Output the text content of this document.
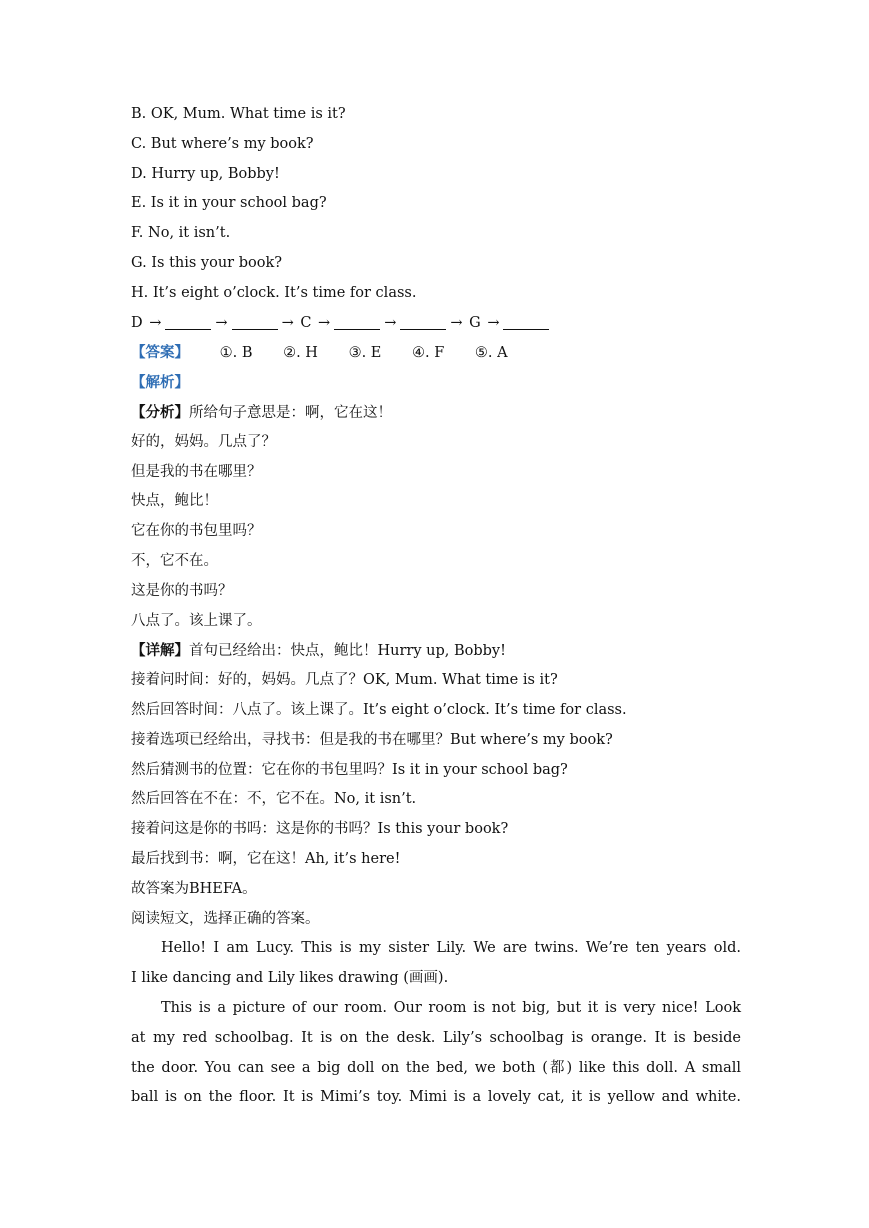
B. OK, Mum. What time is it?
C. But where’s my book?
D. Hurry up, Bobby!
E. Is it in your school bag?
F. No, it isn’t.
G. Is this your book?
H. It’s eight o’clock. It’s time for class.
D →	→	→ C →	→	→ G →
【答案】 ①. B ②. H ③. E ④. F ⑤. A
【解析】
【分析】所给句子意思是：啊，它在这！
好的，妈妈。几点了？
但是我的书在哪里？
快点，鲍比！
它在你的书包里吗？
不，它不在。
这是你的书吗？
八点了。该上课了。
【详解】首句已经给出：快点，鲍比！Hurry up, Bobby!
接着问时间：好的，妈妈。几点了？OK, Mum. What time is it?
然后回答时间：八点了。该上课了。It’s eight o’clock. It’s time for class.
接着选项已经给出，寻找书：但是我的书在哪里？But where’s my book?
然后猜测书的位置：它在你的书包里吗？Is it in your school bag?
然后回答在不在：不，它不在。No, it isn’t.
接着问这是你的书吗：这是你的书吗？Is this your book?
最后找到书：啊，它在这！Ah, it’s here!
故答案为BHEFA。
阅读短文，选择正确的答案。
Hello! I am Lucy. This is my sister Lily. We are twins. We’re ten years old.
I like dancing and Lily likes drawing (画画).
This is a picture of our room. Our room is not big, but it is very nice! Look
at my red schoolbag. It is on the desk. Lily’s schoolbag is orange. It is beside
the door. You can see a big doll on the bed, we both (都) like this doll. A small
ball is on the floor. It is Mimi’s toy. Mimi is a lovely cat, it is yellow and white.
